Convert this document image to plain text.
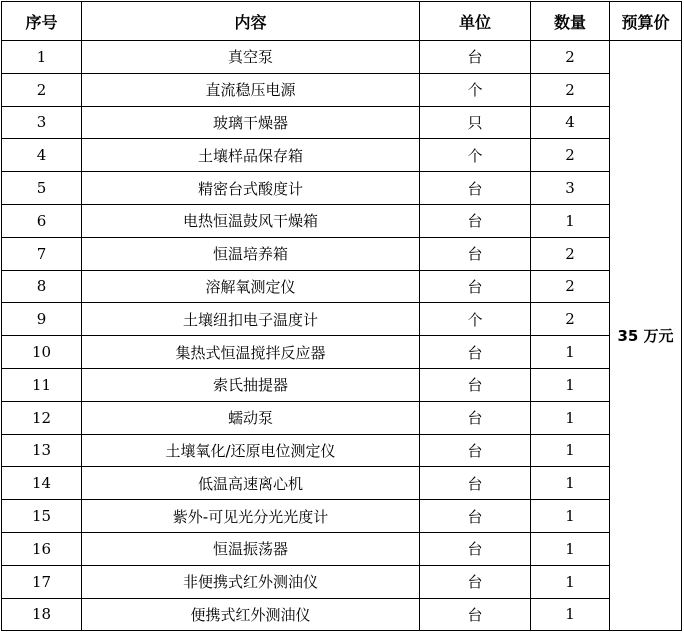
序号	内容	单位	数量	预算价
1	真空泵	台	2	35 万元
2	直流稳压电源	个	2	
3	玻璃干燥器	只	4	
4	土壤样品保存箱	个	2	
5	精密台式酸度计	台	3	
6	电热恒温鼓风干燥箱	台	1	
7	恒温培养箱	台	2	
8	溶解氧测定仪	台	2	
9	土壤纽扣电子温度计	个	2	
10	集热式恒温搅拌反应器	台	1	
11	索氏抽提器	台	1	
12	蠕动泵	台	1	
13	土壤氧化/还原电位测定仪	台	1	
14	低温高速离心机	台	1	
15	紫外-可见光分光光度计	台	1	
16	恒温振荡器	台	1	
17	非便携式红外测油仪	台	1	
18	便携式红外测油仪	台	1	
